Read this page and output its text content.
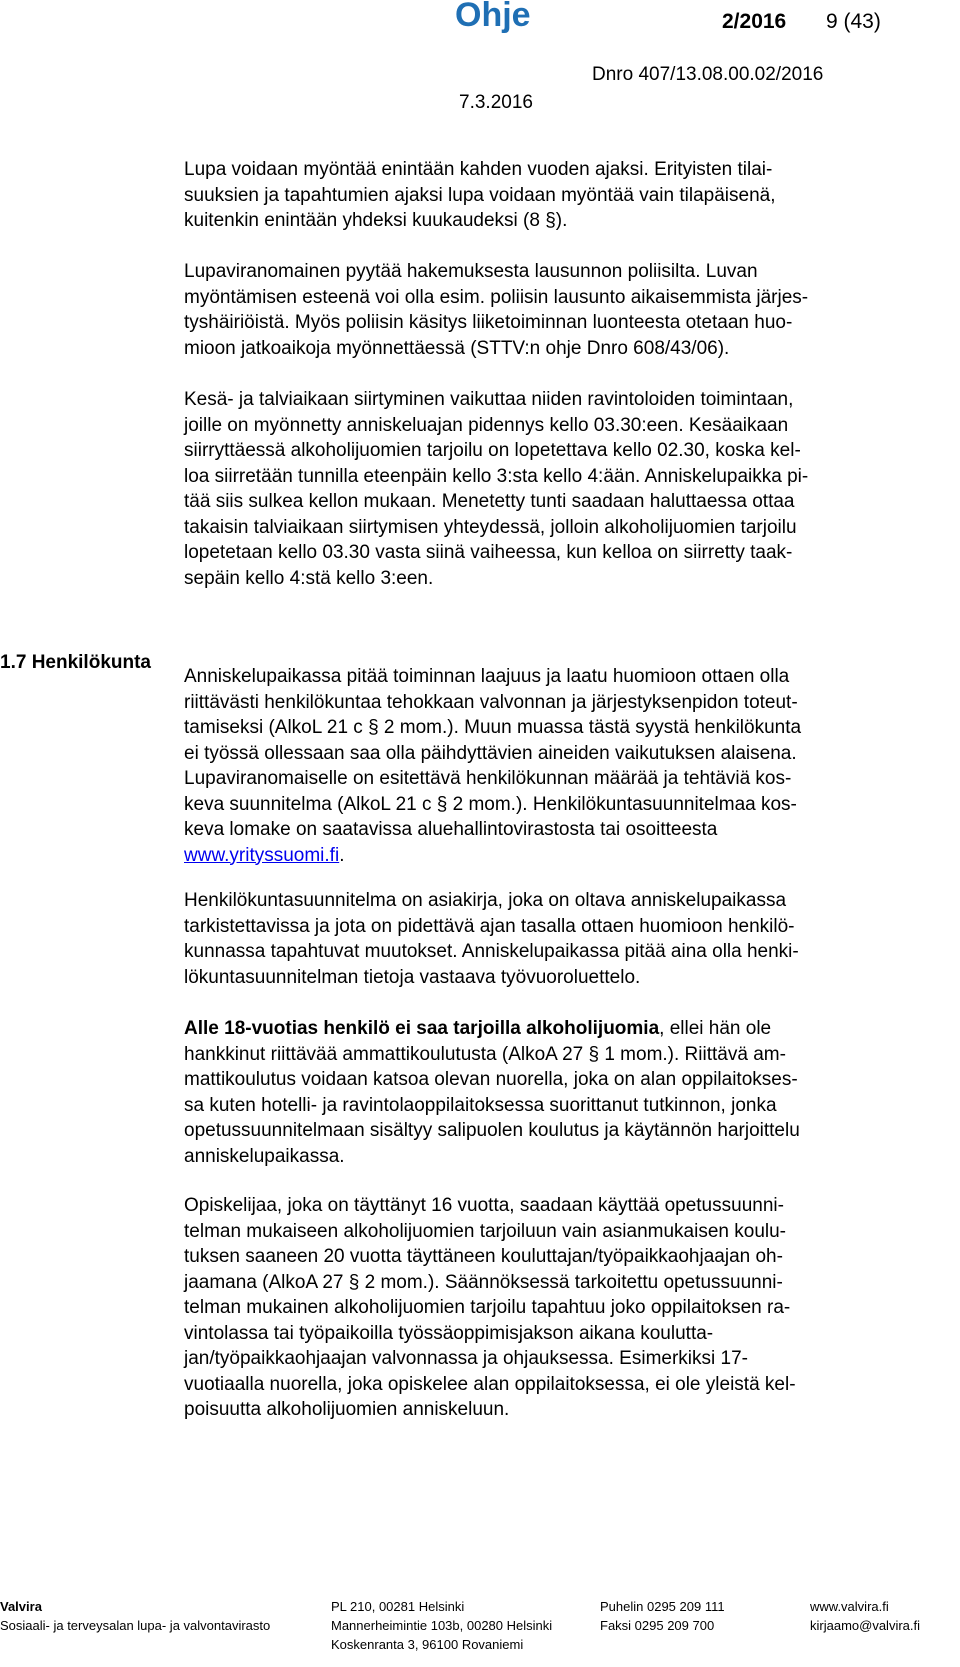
Ohje	2/2016 9 (43)
Dnro 407/13.08.00.02/2016
7.3.2016
1.7 Henkilökunta
Lupa voidaan myöntää enintään kahden vuoden ajaksi. Erityisten tilai-
suuksien ja tapahtumien ajaksi lupa voidaan myöntää vain tilapäisenä,
kuitenkin enintään yhdeksi kuukaudeksi (8 §).
Lupaviranomainen pyytää hakemuksesta lausunnon poliisilta. Luvan
myöntämisen esteenä voi olla esim. poliisin lausunto aikaisemmista järjes-
tyshäiriöistä. Myös poliisin käsitys liiketoiminnan luonteesta otetaan huo-
mioon jatkoaikoja myönnettäessä (STTV:n ohje Dnro 608/43/06).
Kesä- ja talviaikaan siirtyminen vaikuttaa niiden ravintoloiden toimintaan,
joille on myönnetty anniskeluajan pidennys kello 03.30:een. Kesäaikaan
siirryttäessä alkoholijuomien tarjoilu on lopetettava kello 02.30, koska kel-
loa siirretään tunnilla eteenpäin kello 3:sta kello 4:ään. Anniskelupaikka pi-
tää siis sulkea kellon mukaan. Menetetty tunti saadaan haluttaessa ottaa
takaisin talviaikaan siirtymisen yhteydessä, jolloin alkoholijuomien tarjoilu
lopetetaan kello 03.30 vasta siinä vaiheessa, kun kelloa on siirretty taak-
sepäin kello 4:stä kello 3:een.
Anniskelupaikassa pitää toiminnan laajuus ja laatu huomioon ottaen olla
riittävästi henkilökuntaa tehokkaan valvonnan ja järjestyksenpidon toteut-
tamiseksi (AlkoL 21 c § 2 mom.). Muun muassa tästä syystä henkilökunta
ei työssä ollessaan saa olla päihdyttävien aineiden vaikutuksen alaisena.
Lupaviranomaiselle on esitettävä henkilökunnan määrää ja tehtäviä kos-
keva suunnitelma (AlkoL 21 c § 2 mom.). Henkilökuntasuunnitelmaa kos-
keva lomake on saatavissa aluehallintovirastosta tai osoitteesta
www.yrityssuomi.fi.
Henkilökuntasuunnitelma on asiakirja, joka on oltava anniskelupaikassa
tarkistettavissa ja jota on pidettävä ajan tasalla ottaen huomioon henkilö-
kunnassa tapahtuvat muutokset. Anniskelupaikassa pitää aina olla henki-
lökuntasuunnitelman tietoja vastaava työvuoroluettelo.
Alle 18-vuotias henkilö ei saa tarjoilla alkoholijuomia, ellei hän ole
hankkinut riittävää ammattikoulutusta (AlkoA 27 § 1 mom.). Riittävä am-
mattikoulutus voidaan katsoa olevan nuorella, joka on alan oppilaitokses-
sa kuten hotelli- ja ravintolaoppilaitoksessa suorittanut tutkinnon, jonka
opetussuunnitelmaan sisältyy salipuolen koulutus ja käytännön harjoittelu
anniskelupaikassa.
Opiskelijaa, joka on täyttänyt 16 vuotta, saadaan käyttää opetussuunni-
telman mukaiseen alkoholijuomien tarjoiluun vain asianmukaisen koulu-
tuksen saaneen 20 vuotta täyttäneen kouluttajan/työpaikkaohjaajan oh-
jaamana (AlkoA 27 § 2 mom.). Säännöksessä tarkoitettu opetussuunni-
telman mukainen alkoholijuomien tarjoilu tapahtuu joko oppilaitoksen ra-
vintolassa tai työpaikoilla työssäoppimisjakson aikana koulutta-
jan/työpaikkaohjaajan valvonnassa ja ohjauksessa. Esimerkiksi 17-
vuotiaalla nuorella, joka opiskelee alan oppilaitoksessa, ei ole yleistä kel-
poisuutta alkoholijuomien anniskeluun.
Valvira
Sosiaali- ja terveysalan lupa- ja valvontavirasto
PL 210, 00281 Helsinki
Mannerheimintie 103b, 00280 Helsinki
Koskenranta 3, 96100 Rovaniemi
Puhelin 0295 209 111
Faksi 0295 209 700
www.valvira.fi
kirjaamo@valvira.fi
